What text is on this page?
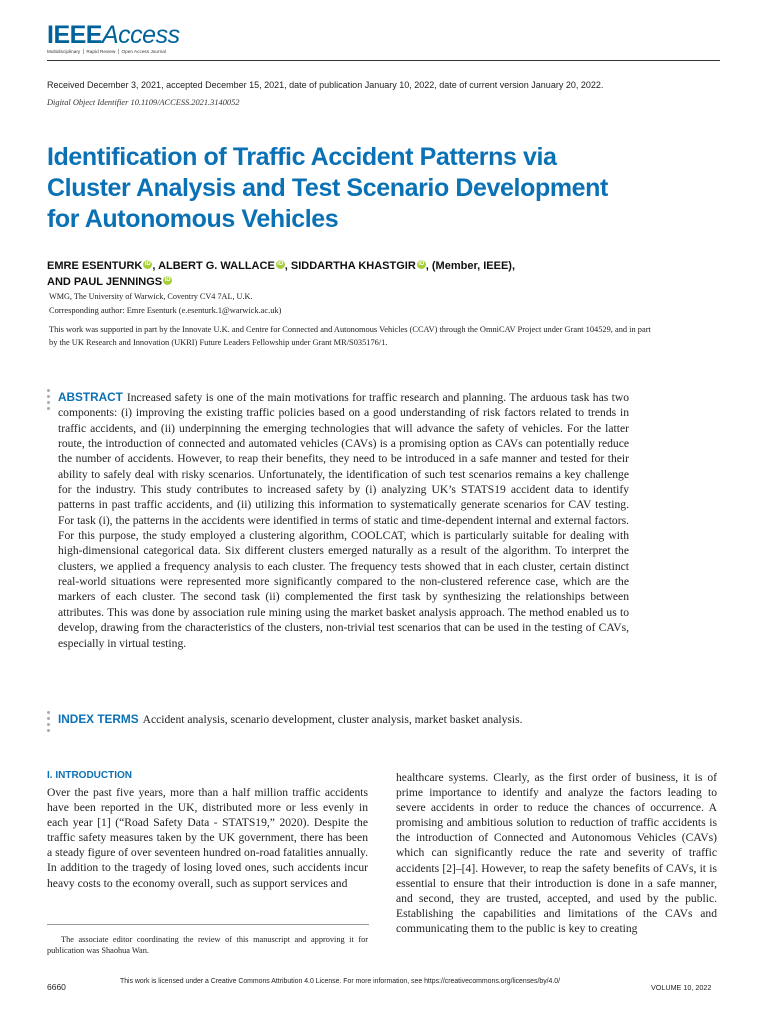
IEEEAccess
Multidisciplinary ⎪ Rapid Review ⎪ Open Access Journal
Received December 3, 2021, accepted December 15, 2021, date of publication January 10, 2022, date of current version January 20, 2022.
Digital Object Identifier 10.1109/ACCESS.2021.3140052
Identification of Traffic Accident Patterns via
Cluster Analysis and Test Scenario Development
for Autonomous Vehicles
EMRE ESENTURK iD , ALBERT G. WALLACE iD , SIDDARTHA KHASTGIR iD , (Member, IEEE),
AND PAUL JENNINGS iD
WMG, The University of Warwick, Coventry CV4 7AL, U.K.
Corresponding author: Emre Esenturk (e.esenturk.1@warwick.ac.uk)
This work was supported in part by the Innovate U.K. and Centre for Connected and Autonomous Vehicles (CCAV) through the OmniCAV Project under Grant 104529, and in part by the UK Research and Innovation (UKRI) Future Leaders Fellowship under Grant MR/S035176/1.
ABSTRACT Increased safety is one of the main motivations for traffic research and planning. The arduous task has two components: (i) improving the existing traffic policies based on a good understanding of risk factors related to trends in traffic accidents, and (ii) underpinning the emerging technologies that will advance the safety of vehicles. For the latter route, the introduction of connected and automated vehicles (CAVs) is a promising option as CAVs can potentially reduce the number of accidents. However, to reap their benefits, they need to be introduced in a safe manner and tested for their ability to safely deal with risky scenarios. Unfortunately, the identification of such test scenarios remains a key challenge for the industry. This study contributes to increased safety by (i) analyzing UK’s STATS19 accident data to identify patterns in past traffic accidents, and (ii) utilizing this information to systematically generate scenarios for CAV testing. For task (i), the patterns in the accidents were identified in terms of static and time-dependent internal and external factors. For this purpose, the study employed a clustering algorithm, COOLCAT, which is particularly suitable for dealing with high-dimensional categorical data. Six different clusters emerged naturally as a result of the algorithm. To interpret the clusters, we applied a frequency analysis to each cluster. The frequency tests showed that in each cluster, certain distinct real-world situations were represented more significantly compared to the non-clustered reference case, which are the markers of each cluster. The second task (ii) complemented the first task by synthesizing the relationships between attributes. This was done by association rule mining using the market basket analysis approach. The method enabled us to develop, drawing from the characteristics of the clusters, non-trivial test scenarios that can be used in the testing of CAVs, especially in virtual testing.
INDEX TERMS Accident analysis, scenario development, cluster analysis, market basket analysis.
I. INTRODUCTION
Over the past five years, more than a half million traffic accidents have been reported in the UK, distributed more or less evenly in each year [1] (“Road Safety Data - STATS19,” 2020). Despite the traffic safety measures taken by the UK government, there has been a steady figure of over seventeen hundred on-road fatalities annually. In addition to the tragedy of losing loved ones, such accidents incur heavy costs to the economy overall, such as support services and
healthcare systems. Clearly, as the first order of business, it is of prime importance to identify and analyze the factors leading to severe accidents in order to reduce the chances of occurrence. A promising and ambitious solution to reduction of traffic accidents is the introduction of Connected and Autonomous Vehicles (CAVs) which can significantly reduce the rate and severity of traffic accidents [2]–[4]. However, to reap the safety benefits of CAVs, it is essential to ensure that their introduction is done in a safe manner, and second, they are trusted, accepted, and used by the public. Establishing the capabilities and limitations of the CAVs and communicating them to the public is key to creating
The associate editor coordinating the review of this manuscript and approving it for publication was Shaohua Wan.
6660
This work is licensed under a Creative Commons Attribution 4.0 License. For more information, see https://creativecommons.org/licenses/by/4.0/
VOLUME 10, 2022
